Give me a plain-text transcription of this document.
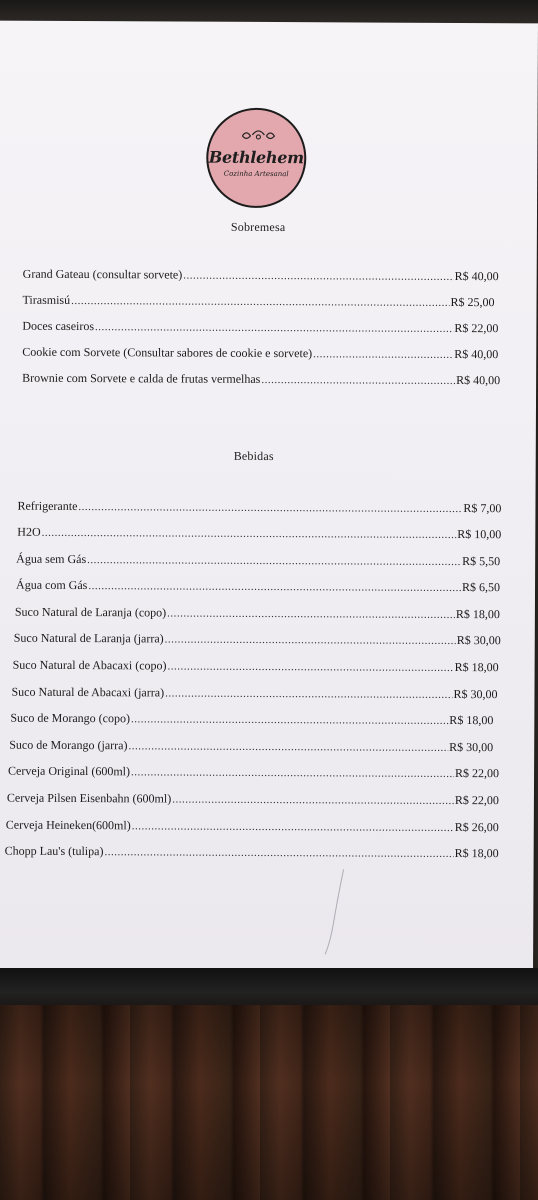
Bethlehem
Cozinha Artesanal
Sobremesa
Grand Gateau (consultar sorvete) .....	R$ 40,00
Tirasmisú .....	R$ 25,00
Doces caseiros .....	R$ 22,00
Cookie com Sorvete (Consultar sabores de cookie e sorvete) .....	R$ 40,00
Brownie com Sorvete e calda de frutas vermelhas .....	R$ 40,00
Bebidas
Refrigerante .....	R$ 7,00
H2O .....	R$ 10,00
Água sem Gás .....	R$ 5,50
Água com Gás .....	R$ 6,50
Suco Natural de Laranja (copo) .....	R$ 18,00
Suco Natural de Laranja (jarra) .....	R$ 30,00
Suco Natural de Abacaxi (copo) .....	R$ 18,00
Suco Natural de Abacaxi (jarra) .....	R$ 30,00
Suco de Morango (copo) .....	R$ 18,00
Suco de Morango (jarra) .....	R$ 30,00
Cerveja Original (600ml) .....	R$ 22,00
Cerveja Pilsen Eisenbahn (600ml) .....	R$ 22,00
Cerveja Heineken(600ml) .....	R$ 26,00
Chopp Lau's (tulipa) .....	R$ 18,00
